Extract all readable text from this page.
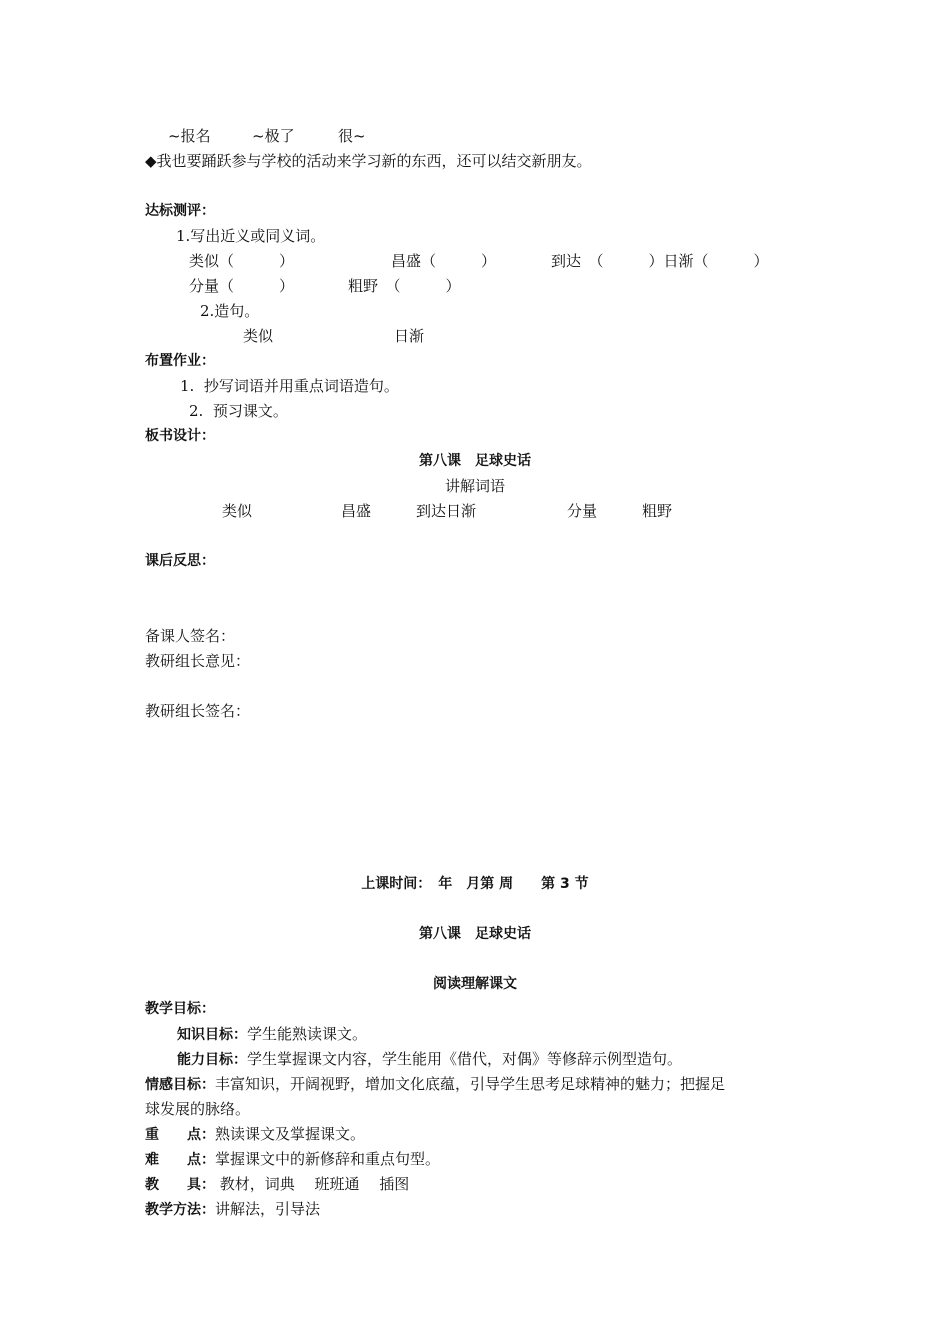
~报名	~极了	很~
◆我也要踊跃参与学校的活动来学习新的东西，还可以结交新朋友。
达标测评：
1.写出近义或同义词。
类似（　　　）	昌盛（　　　）	到达　（　　　）日渐（　　　）
分量（　　　）	粗野　（　　　）
2.造句。
类似	日渐
布置作业：
1.  抄写词语并用重点词语造句。
2.  预习课文。
板书设计：
第八课　足球史话
讲解词语
类似	昌盛	到达日渐	分量	粗野
课后反思：
备课人签名：
教研组长意见：
教研组长签名：
上课时间：　年　月第 周　　第 3 节
第八课　足球史话
阅读理解课文
教学目标：
知识目标：学生能熟读课文。
能力目标：学生掌握课文内容，学生能用《借代，对偶》等修辞示例型造句。
情感目标：丰富知识，开阔视野，增加文化底蕴，引导学生思考足球精神的魅力；把握足
球发展的脉络。
重　　点：熟读课文及掌握课文。
难　　点：掌握课文中的新修辞和重点句型。
教　　具： 教材，词典　 班班通　 插图
教学方法：讲解法，引导法
